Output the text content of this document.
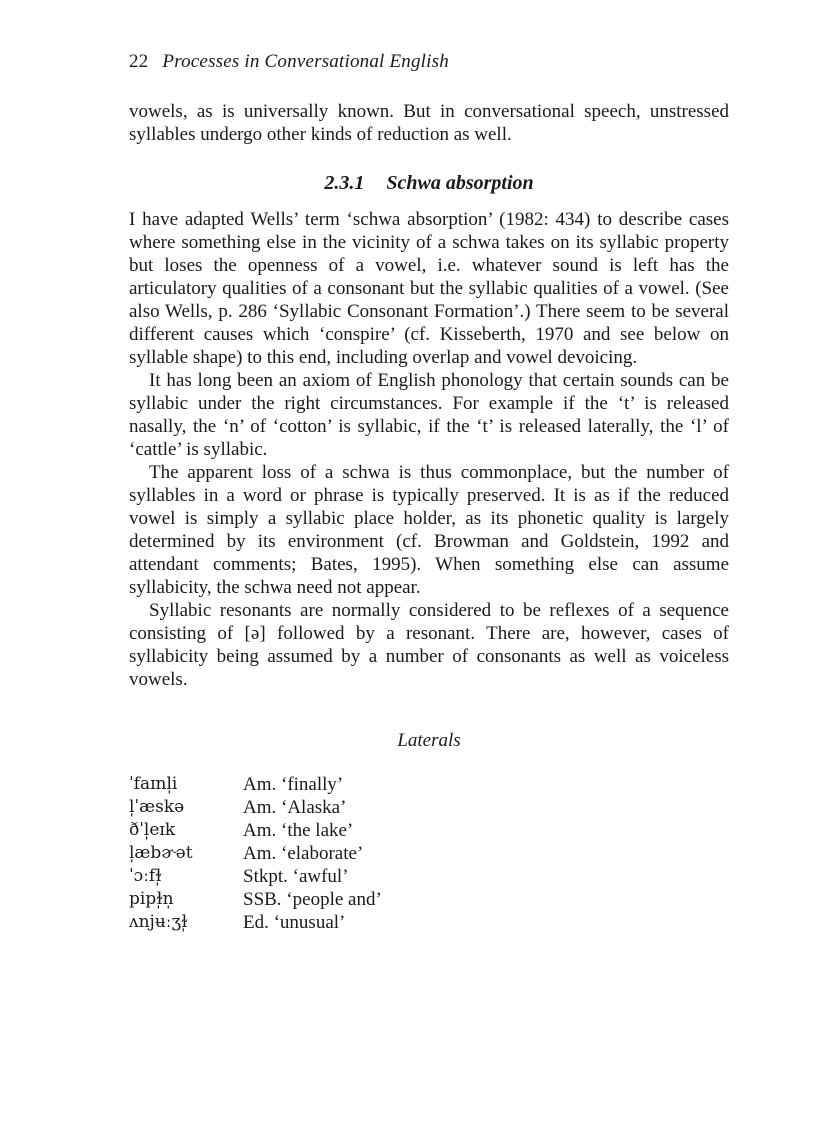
22 Processes in Conversational English

vowels, as is universally known. But in conversational speech, unstressed syllables undergo other kinds of reduction as well.

2.3.1 Schwa absorption

I have adapted Wells’ term ‘schwa absorption’ (1982: 434) to describe cases where something else in the vicinity of a schwa takes on its syllabic property but loses the openness of a vowel, i.e. whatever sound is left has the articulatory qualities of a consonant but the syllabic qualities of a vowel. (See also Wells, p. 286 ‘Syllabic Consonant Formation’.) There seem to be several different causes which ‘conspire’ (cf. Kisseberth, 1970 and see below on syllable shape) to this end, including overlap and vowel devoicing.

It has long been an axiom of English phonology that certain sounds can be syllabic under the right circumstances. For example if the ‘t’ is released nasally, the ‘n’ of ‘cotton’ is syllabic, if the ‘t’ is released laterally, the ‘l’ of ‘cattle’ is syllabic.

The apparent loss of a schwa is thus commonplace, but the number of syllables in a word or phrase is typically preserved. It is as if the reduced vowel is simply a syllabic place holder, as its phonetic quality is largely determined by its environment (cf. Browman and Goldstein, 1992 and attendant comments; Bates, 1995). When something else can assume syllabicity, the schwa need not appear.

Syllabic resonants are normally considered to be reflexes of a sequence consisting of [ə] followed by a resonant. There are, however, cases of syllabicity being assumed by a number of consonants as well as voiceless vowels.

Laterals
ˈfaɪnl̩i	Am. ‘finally’
l̩ˈæskə	Am. ‘Alaska’
ðˈl̩eɪk	Am. ‘the lake’
l̩æbɚət	Am. ‘elaborate’
ˈɔːfɫ̩	Stkpt. ‘awful’
pipɫ̩n̩	SSB. ‘people and’
ʌnjʉːʒɫ̩	Ed. ‘unusual’
